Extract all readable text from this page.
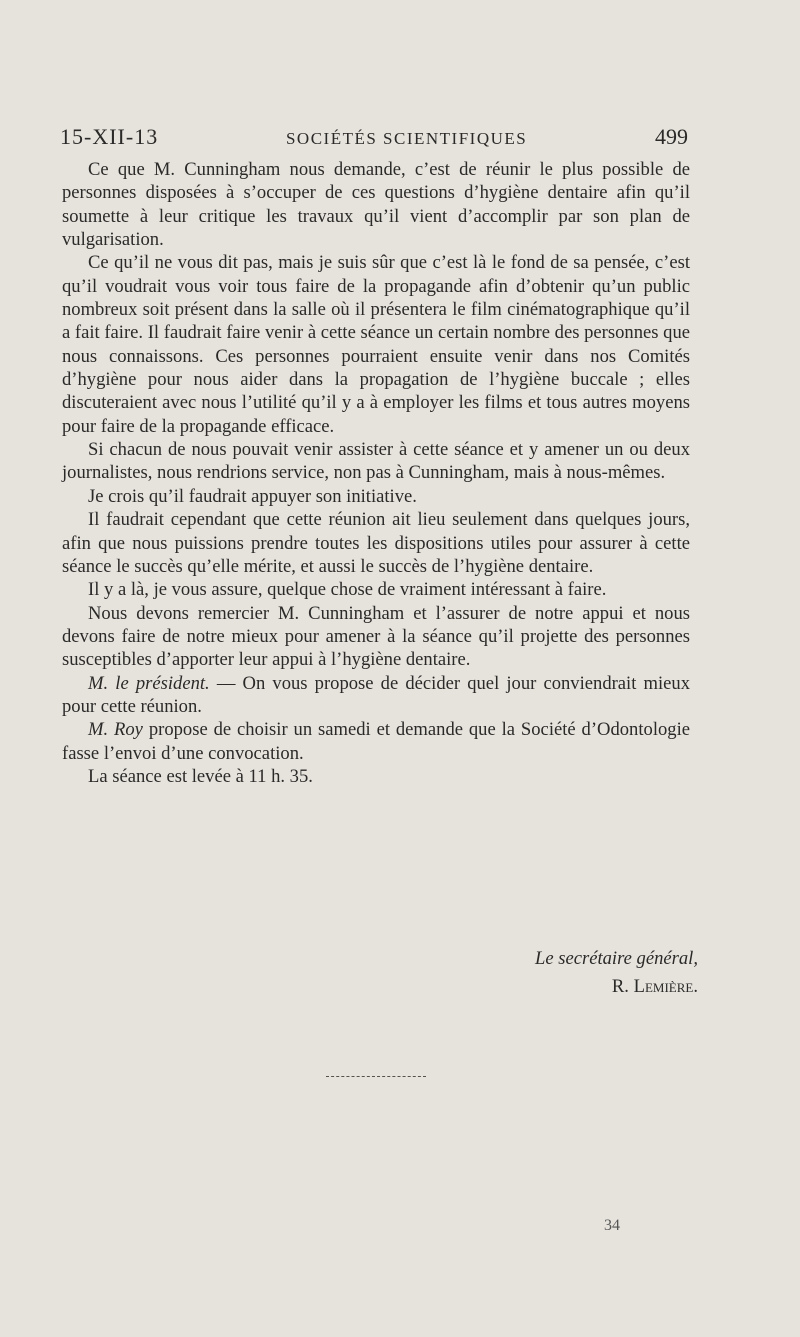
15-XII-13	SOCIÉTÉS SCIENTIFIQUES	499

Ce que M. Cunningham nous demande, c’est de réunir le plus possible de personnes disposées à s’occuper de ces questions d’hygiène dentaire afin qu’il soumette à leur critique les travaux qu’il vient d’accomplir par son plan de vulgarisation.

Ce qu’il ne vous dit pas, mais je suis sûr que c’est là le fond de sa pensée, c’est qu’il voudrait vous voir tous faire de la propagande afin d’obtenir qu’un public nombreux soit présent dans la salle où il présentera le film cinématographique qu’il a fait faire. Il faudrait faire venir à cette séance un certain nombre des personnes que nous connaissons. Ces personnes pourraient ensuite venir dans nos Comités d’hygiène pour nous aider dans la propagation de l’hygiène buccale ; elles discuteraient avec nous l’utilité qu’il y a à employer les films et tous autres moyens pour faire de la propagande efficace.

Si chacun de nous pouvait venir assister à cette séance et y amener un ou deux journalistes, nous rendrions service, non pas à Cunningham, mais à nous-mêmes.

Je crois qu’il faudrait appuyer son initiative.

Il faudrait cependant que cette réunion ait lieu seulement dans quelques jours, afin que nous puissions prendre toutes les dispositions utiles pour assurer à cette séance le succès qu’elle mérite, et aussi le succès de l’hygiène dentaire.

Il y a là, je vous assure, quelque chose de vraiment intéressant à faire.

Nous devons remercier M. Cunningham et l’assurer de notre appui et nous devons faire de notre mieux pour amener à la séance qu’il projette des personnes susceptibles d’apporter leur appui à l’hygiène dentaire.

M. le président. — On vous propose de décider quel jour conviendrait mieux pour cette réunion.

M. Roy propose de choisir un samedi et demande que la Société d’Odontologie fasse l’envoi d’une convocation.

La séance est levée à 11 h. 35.

Le secrétaire général,
R. Lemière.
34
